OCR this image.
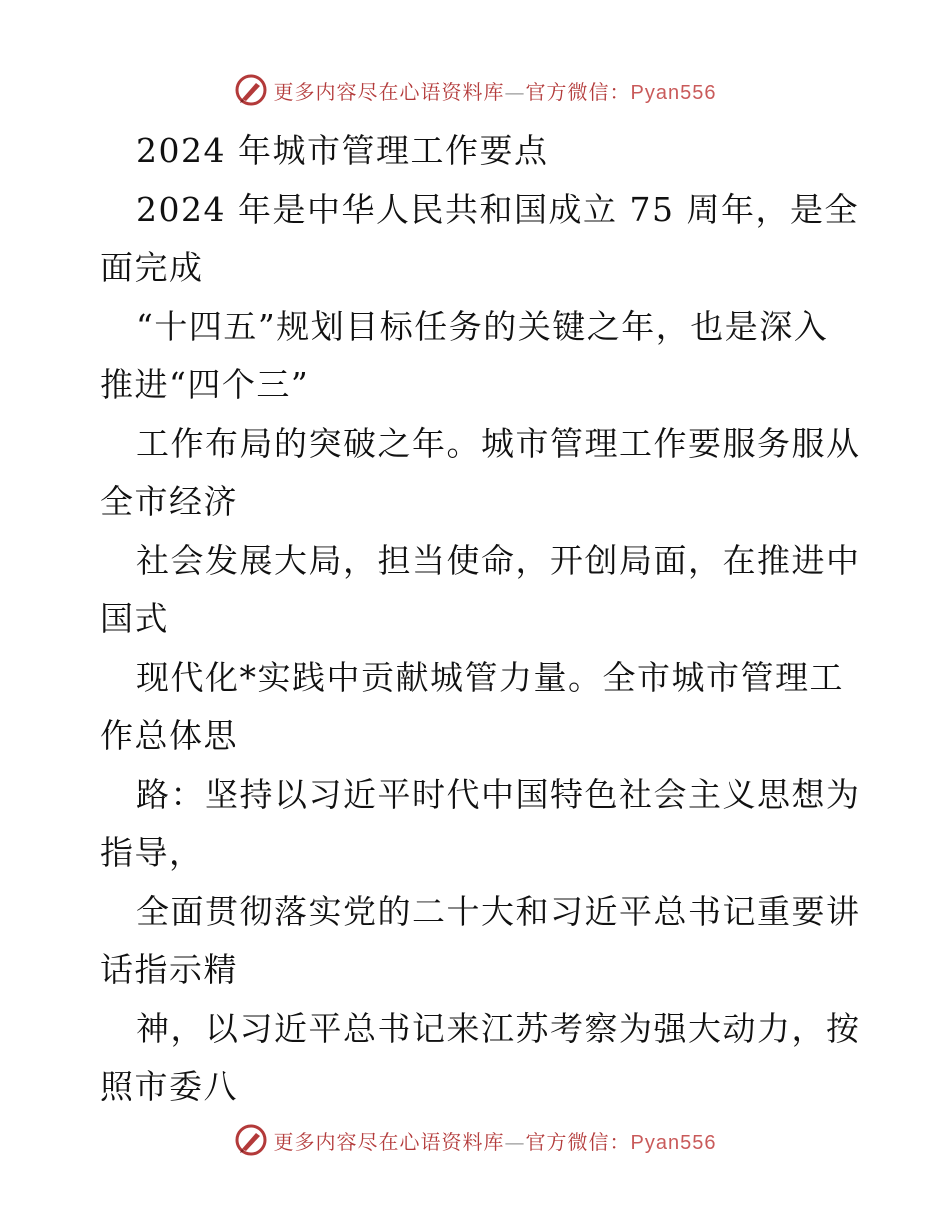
更多内容尽在心语资料库—官方微信：Pyan556
2024 年城市管理工作要点
2024 年是中华人民共和国成立 75 周年，是全
面完成
“十四五”规划目标任务的关键之年，也是深入
推进“四个三”
工作布局的突破之年。城市管理工作要服务服从
全市经济
社会发展大局，担当使命，开创局面，在推进中
国式
现代化*实践中贡献城管力量。全市城市管理工
作总体思
路：坚持以习近平时代中国特色社会主义思想为
指导，
全面贯彻落实党的二十大和习近平总书记重要讲
话指示精
神，以习近平总书记来江苏考察为强大动力，按
照市委八
更多内容尽在心语资料库—官方微信：Pyan556
